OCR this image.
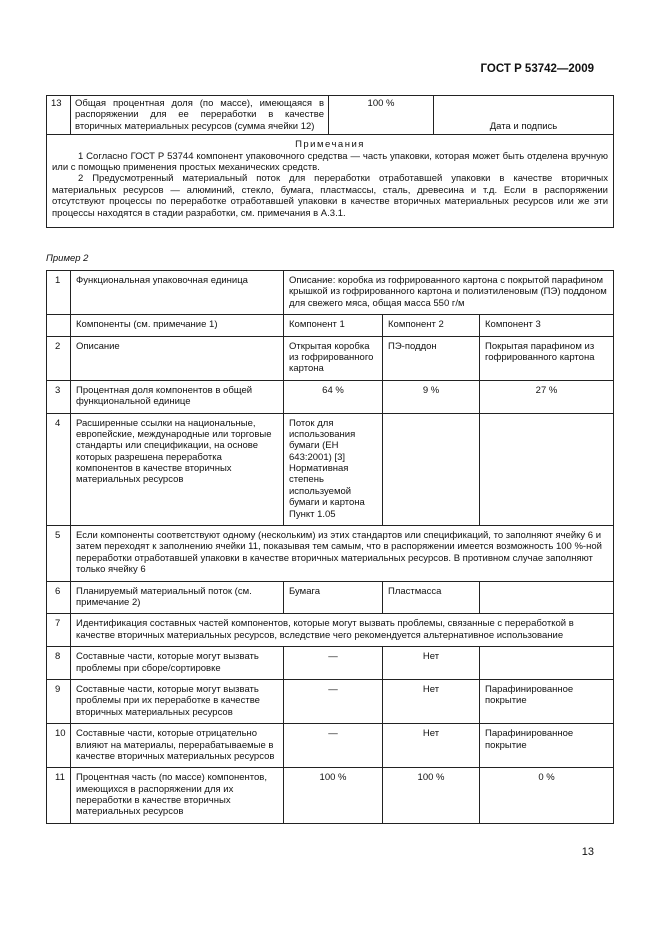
ГОСТ Р 53742—2009
13	Общая процентная доля (по массе), имеющаяся в распоряжении для ее переработки в качестве вторичных материальных ресурсов (сумма ячейки 12)	100 %	Дата и подпись

Примечания

1 Согласно ГОСТ Р 53744 компонент упаковочного средства — часть упаковки, которая может быть отделена вручную или с помощью применения простых механических средств.

2 Предусмотренный материальный поток для переработки отработавшей упаковки в качестве вторичных материальных ресурсов — алюминий, стекло, бумага, пластмассы, сталь, древесина и т.д. Если в распоряжении отсутствуют процессы по переработке отработавшей упаковки в качестве вторичных материальных ресурсов или же эти процессы находятся в стадии разработки, см. примечания в А.3.1.

Пример 2
1	Функциональная упаковочная единица	Описание: коробка из гофрированного картона с покрытой парафином крышкой из гофрированного картона и полиэтиленовым (ПЭ) поддоном для свежего мяса, общая масса 550 г/м		
	Компоненты (см. примечание 1)	Компонент 1	Компонент 2	Компонент 3
2	Описание	Открытая коробка из гофрированного картона	ПЭ-поддон	Покрытая парафином из гофрированного картона
3	Процентная доля компонентов в общей функциональной единице	64 %	9 %	27 %
4	Расширенные ссылки на национальные, европейские, международные или торговые стандарты или спецификации, на основе которых разрешена переработка компонентов в качестве вторичных материальных ресурсов	Поток для использования бумаги (ЕН 643:2001) [3] Нормативная степень используемой бумаги и картона Пункт 1.05		
5	Если компоненты соответствуют одному (нескольким) из этих стандартов или спецификаций, то заполняют ячейку 6 и затем переходят к заполнению ячейки 11, показывая тем самым, что в распоряжении имеется возможность 100 %-ной переработки отработавшей упаковки в качестве вторичных материальных ресурсов. В противном случае заполняют только ячейку 6			
6	Планируемый материальный поток (см. примечание 2)	Бумага	Пластмасса	
7	Идентификация составных частей компонентов, которые могут вызвать проблемы, связанные с переработкой в качестве вторичных материальных ресурсов, вследствие чего рекомендуется альтернативное использование			
8	Составные части, которые могут вызвать проблемы при сборе/сортировке	—	Нет	
9	Составные части, которые могут вызвать проблемы при их переработке в качестве вторичных материальных ресурсов	—	Нет	Парафинированное покрытие
10	Составные части, которые отрицательно влияют на материалы, перерабатываемые в качестве вторичных материальных ресурсов	—	Нет	Парафинированное покрытие
11	Процентная часть (по массе) компонентов, имеющихся в распоряжении для их переработки в качестве вторичных материальных ресурсов	100 %	100 %	0 %
13
